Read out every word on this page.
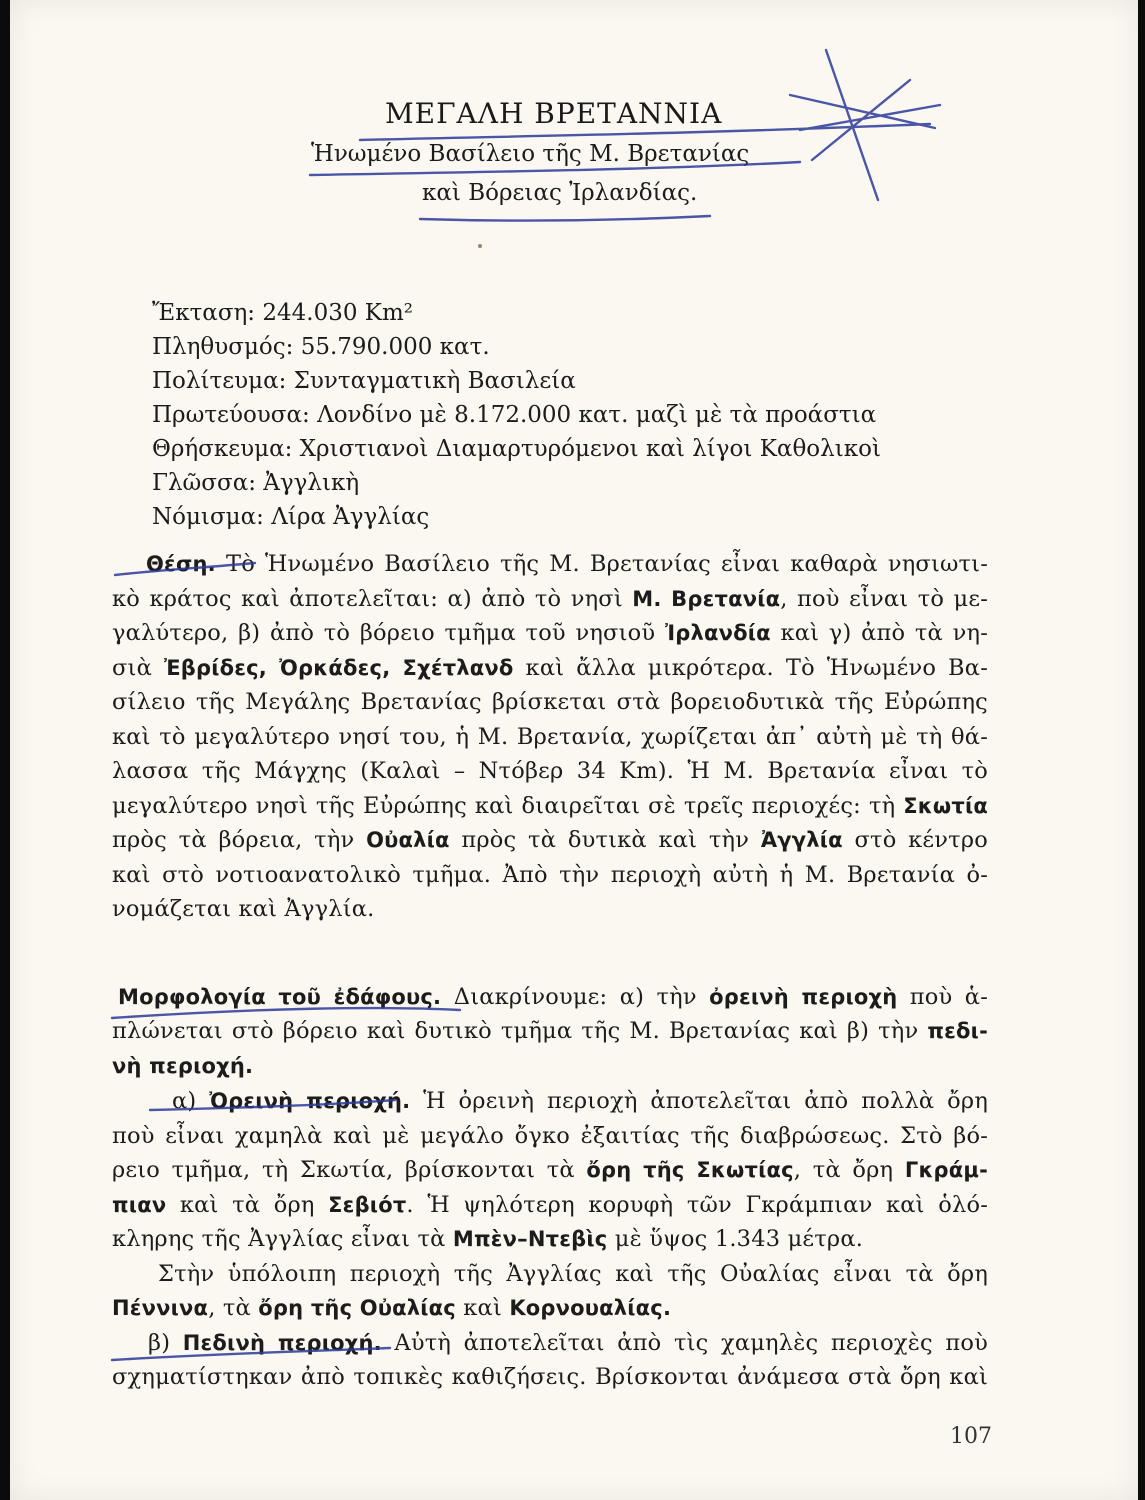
ΜΕΓΑΛΗ ΒΡΕΤΑΝΝΙΑ
Ἡνωμένο Βασίλειο τῆς Μ. Βρετανίας
καὶ Βόρειας Ἰρλανδίας.
Ἔκταση: 244.030 Km²
Πληθυσμός: 55.790.000 κατ.
Πολίτευμα: Συνταγματικὴ Βασιλεία
Πρωτεύουσα: Λονδίνο μὲ 8.172.000 κατ. μαζὶ μὲ τὰ προάστια
Θρήσκευμα: Χριστιανοὶ Διαμαρτυρόμενοι καὶ λίγοι Καθολικοὶ
Γλῶσσα: Ἀγγλικὴ
Νόμισμα: Λίρα Ἀγγλίας
Θέση. Τὸ Ἡνωμένο Βασίλειο τῆς Μ. Βρετανίας εἶναι καθαρὰ νησιωτι-
κὸ κράτος καὶ ἀποτελεῖται: α) ἀπὸ τὸ νησὶ Μ. Βρετανία, ποὺ εἶναι τὸ με-
γαλύτερο, β) ἀπὸ τὸ βόρειο τμῆμα τοῦ νησιοῦ Ἰρλανδία καὶ γ) ἀπὸ τὰ νη-
σιὰ Ἐβρίδες, Ὀρκάδες, Σχέτλανδ καὶ ἄλλα μικρότερα. Τὸ Ἡνωμένο Βα-
σίλειο τῆς Μεγάλης Βρετανίας βρίσκεται στὰ βορειοδυτικὰ τῆς Εὐρώπης
καὶ τὸ μεγαλύτερο νησί του, ἡ Μ. Βρετανία, χωρίζεται ἀπ᾽ αὐτὴ μὲ τὴ θά-
λασσα τῆς Μάγχης (Καλαὶ – Ντόβερ 34 Km). Ἡ Μ. Βρετανία εἶναι τὸ
μεγαλύτερο νησὶ τῆς Εὐρώπης καὶ διαιρεῖται σὲ τρεῖς περιοχές: τὴ Σκωτία
πρὸς τὰ βόρεια, τὴν Οὐαλία πρὸς τὰ δυτικὰ καὶ τὴν Ἀγγλία στὸ κέντρο
καὶ στὸ νοτιοανατολικὸ τμῆμα. Ἀπὸ τὴν περιοχὴ αὐτὴ ἡ Μ. Βρετανία ὀ-
νομάζεται καὶ Ἀγγλία.
Μορφολογία τοῦ ἐδάφους. Διακρίνουμε: α) τὴν ὀρεινὴ περιοχὴ ποὺ ἁ-
πλώνεται στὸ βόρειο καὶ δυτικὸ τμῆμα τῆς Μ. Βρετανίας καὶ β) τὴν πεδι-
νὴ περιοχή.
α) Ὀρεινὴ περιοχή. Ἡ ὀρεινὴ περιοχὴ ἀποτελεῖται ἀπὸ πολλὰ ὄρη
ποὺ εἶναι χαμηλὰ καὶ μὲ μεγάλο ὄγκο ἐξαιτίας τῆς διαβρώσεως. Στὸ βό-
ρειο τμῆμα, τὴ Σκωτία, βρίσκονται τὰ ὄρη τῆς Σκωτίας, τὰ ὄρη Γκράμ-
πιαν καὶ τὰ ὄρη Σεβιότ. Ἡ ψηλότερη κορυφὴ τῶν Γκράμπιαν καὶ ὁλό-
κληρης τῆς Ἀγγλίας εἶναι τὰ Μπὲν–Ντεβὶς μὲ ὕψος 1.343 μέτρα.
Στὴν ὑπόλοιπη περιοχὴ τῆς Ἀγγλίας καὶ τῆς Οὐαλίας εἶναι τὰ ὄρη
Πέννινα, τὰ ὄρη τῆς Οὐαλίας καὶ Κορνουαλίας.
β) Πεδινὴ περιοχή. Αὐτὴ ἀποτελεῖται ἀπὸ τὶς χαμηλὲς περιοχὲς ποὺ
σχηματίστηκαν ἀπὸ τοπικὲς καθιζήσεις. Βρίσκονται ἀνάμεσα στὰ ὄρη καὶ
107
